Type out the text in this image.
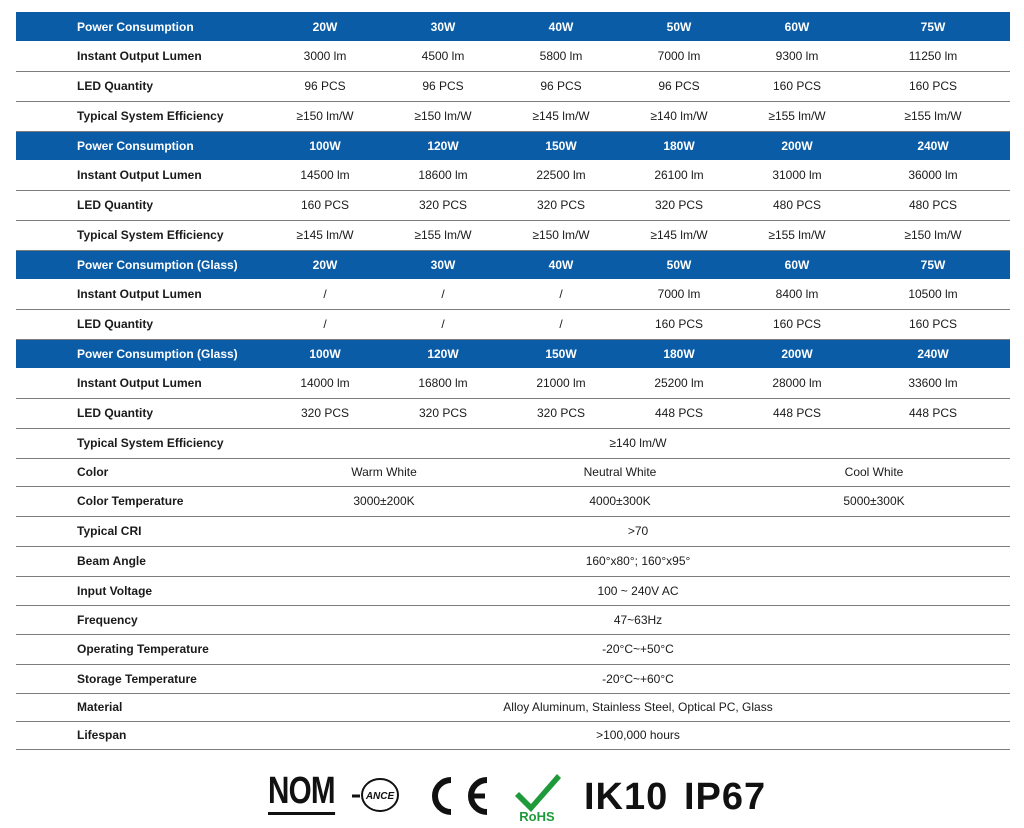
Power Consumption	20W	30W	40W	50W	60W	75W
Instant Output Lumen	3000 lm	4500 lm	5800 lm	7000 lm	9300 lm	11250 lm
LED Quantity	96 PCS	96 PCS	96 PCS	96 PCS	160 PCS	160 PCS
Typical System Efficiency	≥150 lm/W	≥150 lm/W	≥145 lm/W	≥140 lm/W	≥155 lm/W	≥155 lm/W
Power Consumption	100W	120W	150W	180W	200W	240W
Instant Output Lumen	14500 lm	18600 lm	22500 lm	26100 lm	31000 lm	36000 lm
LED Quantity	160 PCS	320 PCS	320 PCS	320 PCS	480 PCS	480 PCS
Typical System Efficiency	≥145 lm/W	≥155 lm/W	≥150 lm/W	≥145 lm/W	≥155 lm/W	≥150 lm/W
Power Consumption (Glass)	20W	30W	40W	50W	60W	75W
Instant Output Lumen	/	/	/	7000 lm	8400 lm	10500 lm
LED Quantity	/	/	/	160 PCS	160 PCS	160 PCS
Power Consumption (Glass)	100W	120W	150W	180W	200W	240W
Instant Output Lumen	14000 lm	16800 lm	21000 lm	25200 lm	28000 lm	33600 lm
LED Quantity	320 PCS	320 PCS	320 PCS	448 PCS	448 PCS	448 PCS
Typical System Efficiency	≥140 lm/W					
Color	Warm White		Neutral White		Cool White	
Color Temperature	3000±200K		4000±300K		5000±300K	
Typical CRI	>70					
Beam Angle	160°x80°; 160°x95°					
Input Voltage	100 ~ 240V AC					
Frequency	47~63Hz					
Operating Temperature	-20°C~+50°C					
Storage Temperature	-20°C~+60°C					
Material	Alloy Aluminum, Stainless Steel, Optical PC, Glass					
Lifespan	>100,000 hours					
NOM	ANCE
RoHS IK10 IP67
